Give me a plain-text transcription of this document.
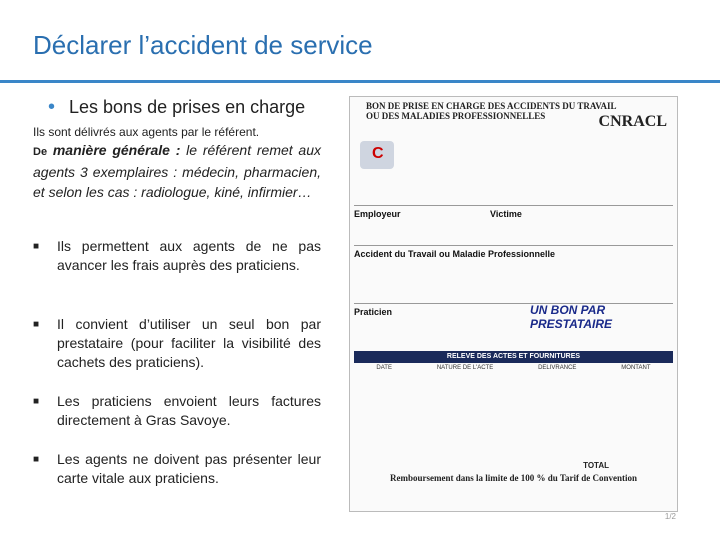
Déclarer l’accident de service
• Les bons de prises en charge
Ils sont délivrés aux agents par le référent.
De manière générale : le référent remet aux agents 3 exemplaires : médecin, pharmacien, et selon les cas : radiologue, kiné, infirmier…
■ Ils permettent aux agents de ne pas avancer les frais auprès des praticiens.
■ Il convient d’utiliser un seul bon par prestataire (pour faciliter la visibilité des cachets des praticiens).
■ Les praticiens envoient leurs factures directement à Gras Savoye.
■ Les agents ne doivent pas présenter leur carte vitale aux praticiens.
BON DE PRISE EN CHARGE DES ACCIDENTS DU TRAVAIL
OU DES MALADIES PROFESSIONNELLES	CNRACL
C
Employeur	Victime
Accident du Travail ou Maladie Professionnelle
Praticien	UN BON PAR PRESTATAIRE
RELEVE DES ACTES ET FOURNITURES
DATE	NATURE DE L'ACTE	DELIVRANCE	MONTANT
TOTAL
Remboursement dans la limite de 100 % du Tarif de Convention
1/2
